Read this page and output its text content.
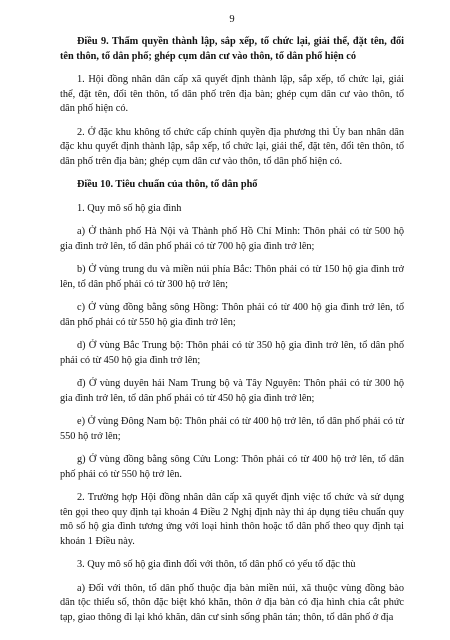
9
Điều 9. Thẩm quyền thành lập, sắp xếp, tổ chức lại, giải thể, đặt tên, đổi tên thôn, tổ dân phố; ghép cụm dân cư vào thôn, tổ dân phố hiện có

1. Hội đồng nhân dân cấp xã quyết định thành lập, sắp xếp, tổ chức lại, giải thể, đặt tên, đổi tên thôn, tổ dân phố trên địa bàn; ghép cụm dân cư vào thôn, tổ dân phố hiện có.

2. Ở đặc khu không tổ chức cấp chính quyền địa phương thì Ủy ban nhân dân đặc khu quyết định thành lập, sắp xếp, tổ chức lại, giải thể, đặt tên, đổi tên thôn, tổ dân phố trên địa bàn; ghép cụm dân cư vào thôn, tổ dân phố hiện có.

Điều 10. Tiêu chuẩn của thôn, tổ dân phố

1. Quy mô số hộ gia đình

a) Ở thành phố Hà Nội và Thành phố Hồ Chí Minh: Thôn phải có từ 500 hộ gia đình trở lên, tổ dân phố phải có từ 700 hộ gia đình trở lên;

b) Ở vùng trung du và miền núi phía Bắc: Thôn phải có từ 150 hộ gia đình trở lên, tổ dân phố phải có từ 300 hộ trở lên;

c) Ở vùng đồng bằng sông Hồng: Thôn phải có từ 400 hộ gia đình trở lên, tổ dân phố phải có từ 550 hộ gia đình trở lên;

d) Ở vùng Bắc Trung bộ: Thôn phải có từ 350 hộ gia đình trở lên, tổ dân phố phải có từ 450 hộ gia đình trở lên;

đ) Ở vùng duyên hải Nam Trung bộ và Tây Nguyên: Thôn phải có từ 300 hộ gia đình trở lên, tổ dân phố phải có từ 450 hộ gia đình trở lên;

e) Ở vùng Đông Nam bộ: Thôn phải có từ 400 hộ trở lên, tổ dân phố phải có từ 550 hộ trở lên;

g) Ở vùng đồng bằng sông Cửu Long: Thôn phải có từ 400 hộ trở lên, tổ dân phố phải có từ 550 hộ trở lên.

2. Trường hợp Hội đồng nhân dân cấp xã quyết định việc tổ chức và sử dụng tên gọi theo quy định tại khoản 4 Điều 2 Nghị định này thì áp dụng tiêu chuẩn quy mô số hộ gia đình tương ứng với loại hình thôn hoặc tổ dân phố theo quy định tại khoản 1 Điều này.

3. Quy mô số hộ gia đình đối với thôn, tổ dân phố có yếu tố đặc thù

a) Đối với thôn, tổ dân phố thuộc địa bàn miền núi, xã thuộc vùng đồng bào dân tộc thiểu số, thôn đặc biệt khó khăn, thôn ở địa bàn có địa hình chia cắt phức tạp, giao thông đi lại khó khăn, dân cư sinh sống phân tán; thôn, tổ dân phố ở địa
